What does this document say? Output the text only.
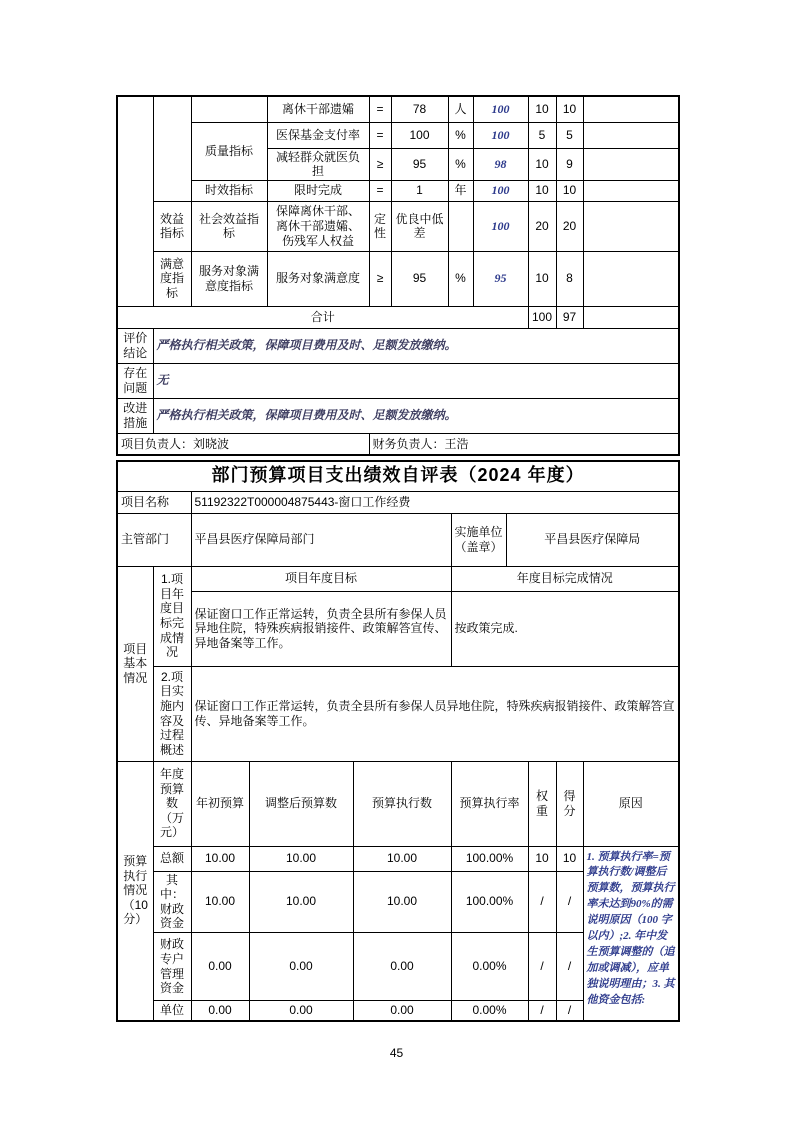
			离休干部遗孀	=	78	人	100	10	10	
		质量指标	医保基金支付率	=	100	%	100	5	5	
			减轻群众就医负担	≥	95	%	98	10	9	
		时效指标	限时完成	=	1	年	100	10	10	
	效益指标	社会效益指标	保障离休干部、离休干部遗孀、伤残军人权益	定性	优良中低差		100	20	20	
	满意度指标	服务对象满意度指标	服务对象满意度	≥	95	%	95	10	8	
合计								100	97	
评价结论	严格执行相关政策，保障项目费用及时、足额发放缴纳。									
存在问题	无									
改进措施	严格执行相关政策，保障项目费用及时、足额发放缴纳。									
项目负责人：刘晓波				财务负责人：王浩						
部门预算项目支出绩效自评表（2024 年度）									
项目名称		51192322T000004875443-窗口工作经费							
主管部门		平昌县医疗保障局部门			实施单位（盖章）	平昌县医疗保障局			
项目基本情况	1.项目年度目标完成情况	项目年度目标			年度目标完成情况				
		保证窗口工作正常运转，负责全县所有参保人员异地住院，特殊疾病报销接件、政策解答宣传、异地备案等工作。			按政策完成.				
	2.项目实施内容及过程概述	保证窗口工作正常运转，负责全县所有参保人员异地住院，特殊疾病报销接件、政策解答宣传、异地备案等工作。							
预算执行情况（10分）	年度预算数（万元）	年初预算	调整后预算数	预算执行数	预算执行率		权重	得分	原因
	总额	10.00	10.00	10.00	100.00%		10	10	1. 预算执行率=预算执行数/调整后预算数，预算执行率未达到90%的需说明原因（100 字以内）;2. 年中发生预算调整的（追加或调减），应单独说明理由；3. 其他资金包括:
	其中：财政资金	10.00	10.00	10.00	100.00%		/	/	
	财政专户管理资金	0.00	0.00	0.00	0.00%		/	/	
	单位	0.00	0.00	0.00	0.00%		/	/	
45
